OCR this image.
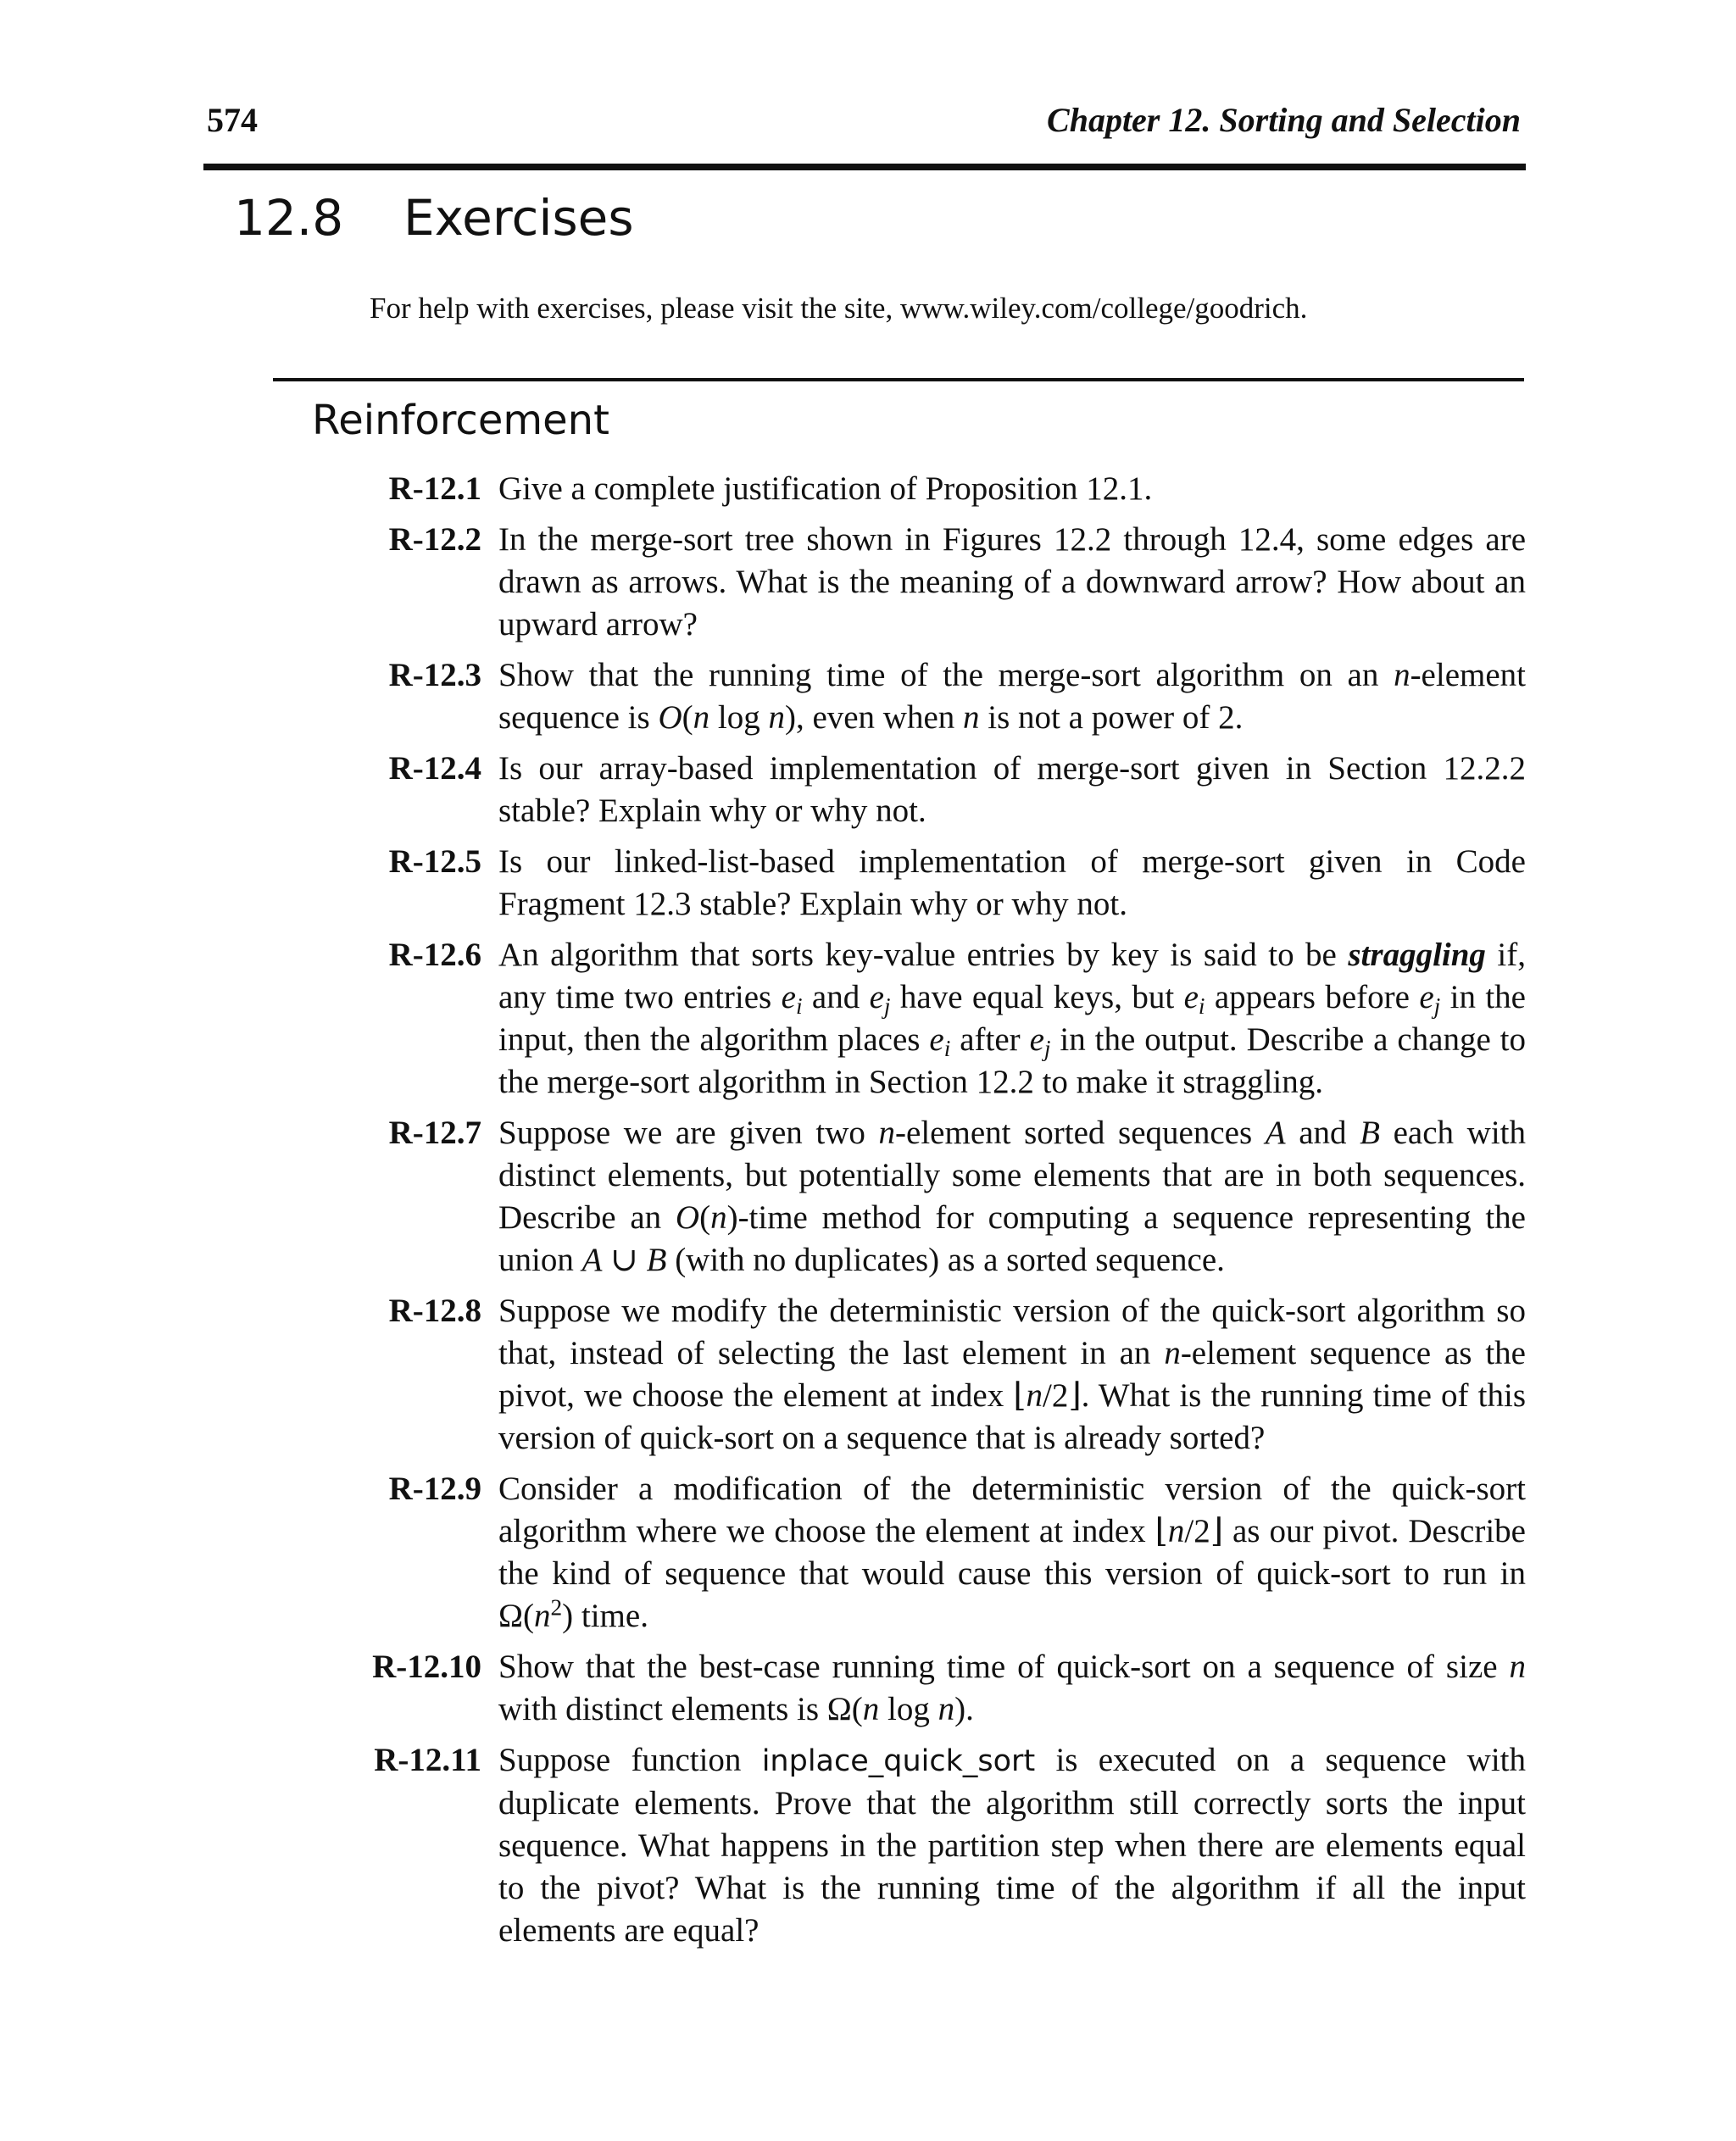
574	Chapter 12. Sorting and Selection
12.8 Exercises
For help with exercises, please visit the site, www.wiley.com/college/goodrich.
Reinforcement
R-12.1 Give a complete justification of Proposition 12.1.
R-12.2 In the merge-sort tree shown in Figures 12.2 through 12.4, some edges are drawn as arrows. What is the meaning of a downward arrow? How about an upward arrow?
R-12.3 Show that the running time of the merge-sort algorithm on an n-element sequence is O(n log n), even when n is not a power of 2.
R-12.4 Is our array-based implementation of merge-sort given in Section 12.2.2 stable? Explain why or why not.
R-12.5 Is our linked-list-based implementation of merge-sort given in Code Fragment 12.3 stable? Explain why or why not.
R-12.6 An algorithm that sorts key-value entries by key is said to be straggling if, any time two entries $e_i$ and $e_j$ have equal keys, but $e_i$ appears before $e_j$ in the input, then the algorithm places $e_i$ after $e_j$ in the output. Describe a change to the merge-sort algorithm in Section 12.2 to make it straggling.
R-12.7 Suppose we are given two n-element sorted sequences A and B each with distinct elements, but potentially some elements that are in both sequences. Describe an O(n)-time method for computing a sequence representing the union A ∪ B (with no duplicates) as a sorted sequence.
R-12.8 Suppose we modify the deterministic version of the quick-sort algorithm so that, instead of selecting the last element in an n-element sequence as the pivot, we choose the element at index ⌊n/2⌋. What is the running time of this version of quick-sort on a sequence that is already sorted?
R-12.9 Consider a modification of the deterministic version of the quick-sort algorithm where we choose the element at index ⌊n/2⌋ as our pivot. Describe the kind of sequence that would cause this version of quick-sort to run in $\Omega(n^2)$ time.
R-12.10 Show that the best-case running time of quick-sort on a sequence of size n with distinct elements is Ω(n log n).
R-12.11 Suppose function inplace_quick_sort is executed on a sequence with duplicate elements. Prove that the algorithm still correctly sorts the input sequence. What happens in the partition step when there are elements equal to the pivot? What is the running time of the algorithm if all the input elements are equal?
